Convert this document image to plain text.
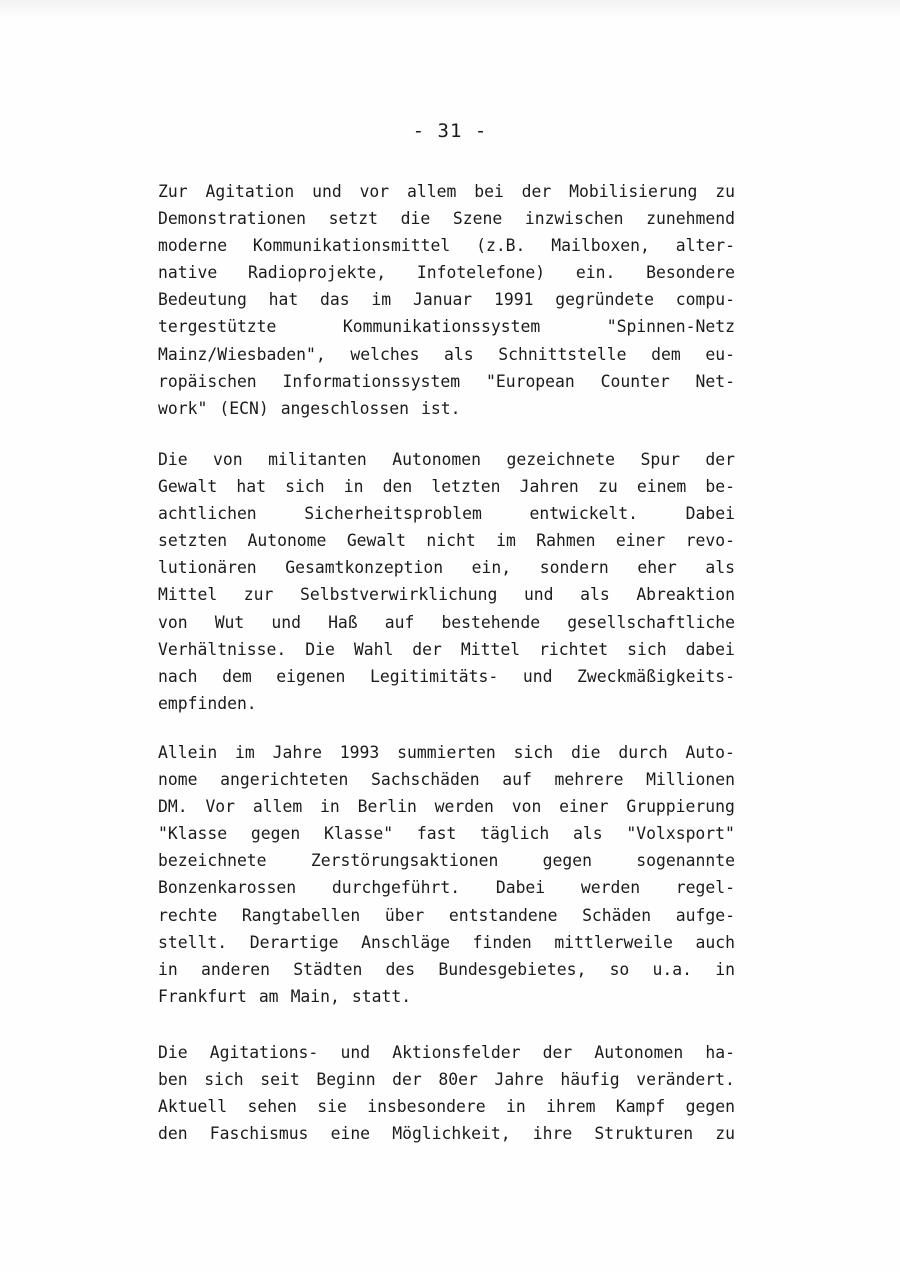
- 31 -
Zur Agitation und vor allem bei der Mobilisierung zu
Demonstrationen setzt die Szene inzwischen zunehmend
moderne Kommunikationsmittel (z.B. Mailboxen, alter-
native Radioprojekte, Infotelefone) ein. Besondere
Bedeutung hat das im Januar 1991 gegründete compu-
tergestützte	Kommunikationssystem	"Spinnen-Netz
Mainz/Wiesbaden", welches als Schnittstelle dem eu-
ropäischen Informationssystem "European Counter Net-
work" (ECN) angeschlossen ist.
Die von militanten Autonomen gezeichnete Spur der
Gewalt hat sich in den letzten Jahren zu einem be-
achtlichen	Sicherheitsproblem	entwickelt.	Dabei
setzten Autonome Gewalt nicht im Rahmen einer revo-
lutionären Gesamtkonzeption ein, sondern eher als
Mittel zur Selbstverwirklichung und als Abreaktion
von Wut und Haß auf bestehende gesellschaftliche
Verhältnisse. Die Wahl der Mittel richtet sich dabei
nach dem eigenen Legitimitäts- und Zweckmäßigkeits-
empfinden.
Allein im Jahre 1993 summierten sich die durch Auto-
nome angerichteten Sachschäden auf mehrere Millionen
DM. Vor allem in Berlin werden von einer Gruppierung
"Klasse gegen Klasse" fast täglich als "Volxsport"
bezeichnete	Zerstörungsaktionen	gegen	sogenannte
Bonzenkarossen durchgeführt. Dabei werden regel-
rechte Rangtabellen über entstandene Schäden aufge-
stellt. Derartige Anschläge finden mittlerweile auch
in anderen Städten des Bundesgebietes, so u.a. in
Frankfurt am Main, statt.
Die Agitations- und Aktionsfelder der Autonomen ha-
ben sich seit Beginn der 80er Jahre häufig verändert.
Aktuell sehen sie insbesondere in ihrem Kampf gegen
den Faschismus eine Möglichkeit, ihre Strukturen zu
